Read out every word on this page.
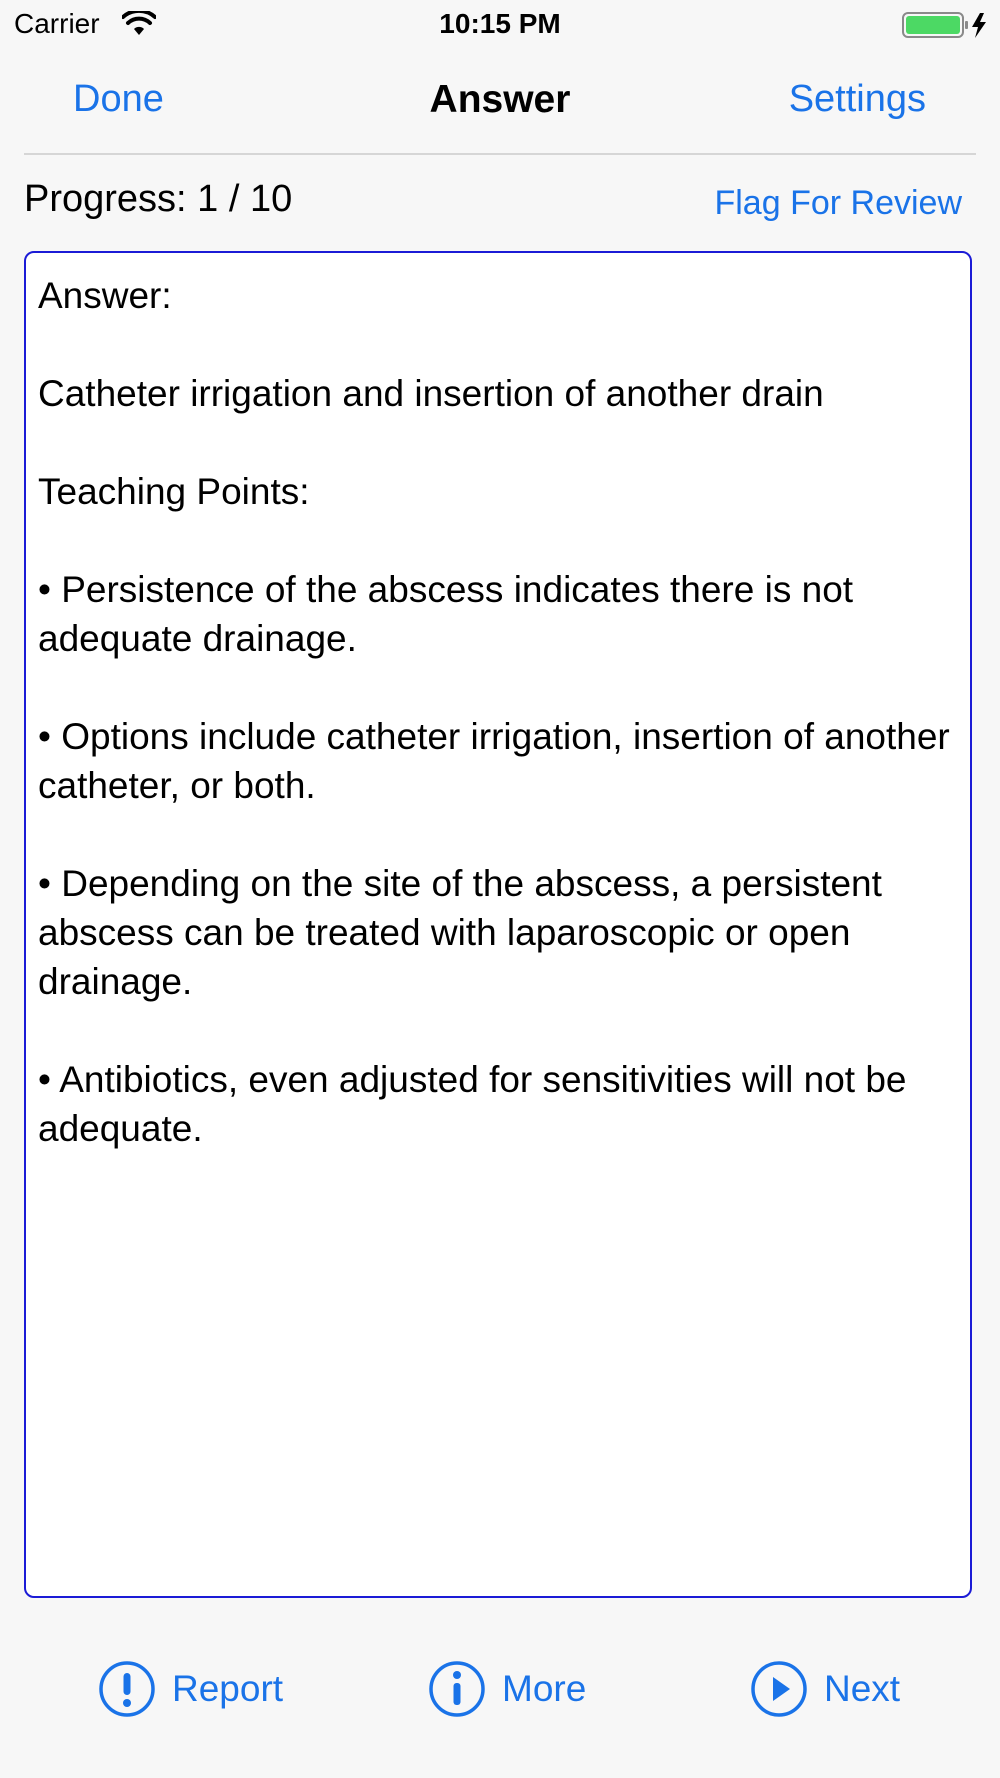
Carrier	10:15 PM
Done	Answer	Settings
Progress: 1 / 10	Flag For Review

Answer:

Catheter irrigation and insertion of another drain

Teaching Points:

• Persistence of the abscess indicates there is not adequate drainage.

• Options include catheter irrigation, insertion of another catheter, or both.

• Depending on the site of the abscess, a persistent abscess can be treated with laparoscopic or open drainage.

• Antibiotics, even adjusted for sensitivities will not be adequate.

Report	More	Next
